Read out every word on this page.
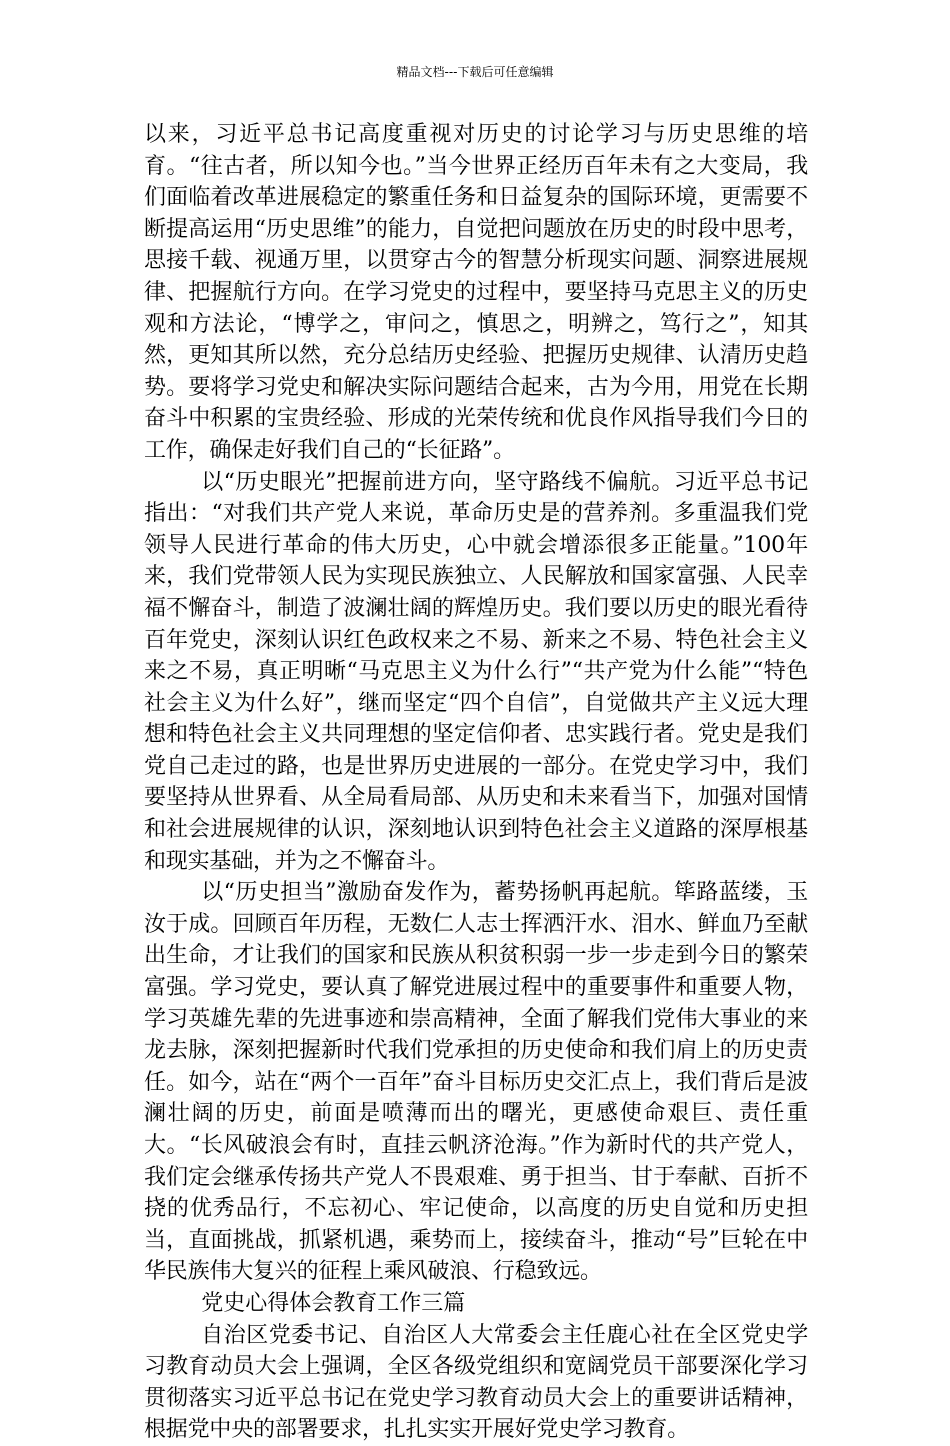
精品文档---下载后可任意编辑

以来，习近平总书记高度重视对历史的讨论学习与历史思维的培育。“往古者，所以知今也。”当今世界正经历百年未有之大变局，我们面临着改革进展稳定的繁重任务和日益复杂的国际环境，更需要不断提高运用“历史思维”的能力，自觉把问题放在历史的时段中思考，思接千载、视通万里，以贯穿古今的智慧分析现实问题、洞察进展规律、把握航行方向。在学习党史的过程中，要坚持马克思主义的历史观和方法论，“博学之，审问之，慎思之，明辨之，笃行之”，知其然，更知其所以然，充分总结历史经验、把握历史规律、认清历史趋势。要将学习党史和解决实际问题结合起来，古为今用，用党在长期奋斗中积累的宝贵经验、形成的光荣传统和优良作风指导我们今日的工作，确保走好我们自己的“长征路”。

以“历史眼光”把握前进方向，坚守路线不偏航。习近平总书记指出：“对我们共产党人来说，革命历史是的营养剂。多重温我们党领导人民进行革命的伟大历史，心中就会增添很多正能量。”100年来，我们党带领人民为实现民族独立、人民解放和国家富强、人民幸福不懈奋斗，制造了波澜壮阔的辉煌历史。我们要以历史的眼光看待百年党史，深刻认识红色政权来之不易、新来之不易、特色社会主义来之不易，真正明晰“马克思主义为什么行”“共产党为什么能”“特色社会主义为什么好”，继而坚定“四个自信”，自觉做共产主义远大理想和特色社会主义共同理想的坚定信仰者、忠实践行者。党史是我们党自己走过的路，也是世界历史进展的一部分。在党史学习中，我们要坚持从世界看、从全局看局部、从历史和未来看当下，加强对国情和社会进展规律的认识，深刻地认识到特色社会主义道路的深厚根基和现实基础，并为之不懈奋斗。

以“历史担当”激励奋发作为，蓄势扬帆再起航。筚路蓝缕，玉汝于成。回顾百年历程，无数仁人志士挥洒汗水、泪水、鲜血乃至献出生命，才让我们的国家和民族从积贫积弱一步一步走到今日的繁荣富强。学习党史，要认真了解党进展过程中的重要事件和重要人物，学习英雄先辈的先进事迹和崇高精神，全面了解我们党伟大事业的来龙去脉，深刻把握新时代我们党承担的历史使命和我们肩上的历史责任。如今，站在“两个一百年”奋斗目标历史交汇点上，我们背后是波澜壮阔的历史，前面是喷薄而出的曙光，更感使命艰巨、责任重大。“长风破浪会有时，直挂云帆济沧海。”作为新时代的共产党人，我们定会继承传扬共产党人不畏艰难、勇于担当、甘于奉献、百折不挠的优秀品行，不忘初心、牢记使命，以高度的历史自觉和历史担当，直面挑战，抓紧机遇，乘势而上，接续奋斗，推动“号”巨轮在中华民族伟大复兴的征程上乘风破浪、行稳致远。

党史心得体会教育工作三篇

自治区党委书记、自治区人大常委会主任鹿心社在全区党史学习教育动员大会上强调，全区各级党组织和宽阔党员干部要深化学习贯彻落实习近平总书记在党史学习教育动员大会上的重要讲话精神，根据党中央的部署要求，扎扎实实开展好党史学习教育。
